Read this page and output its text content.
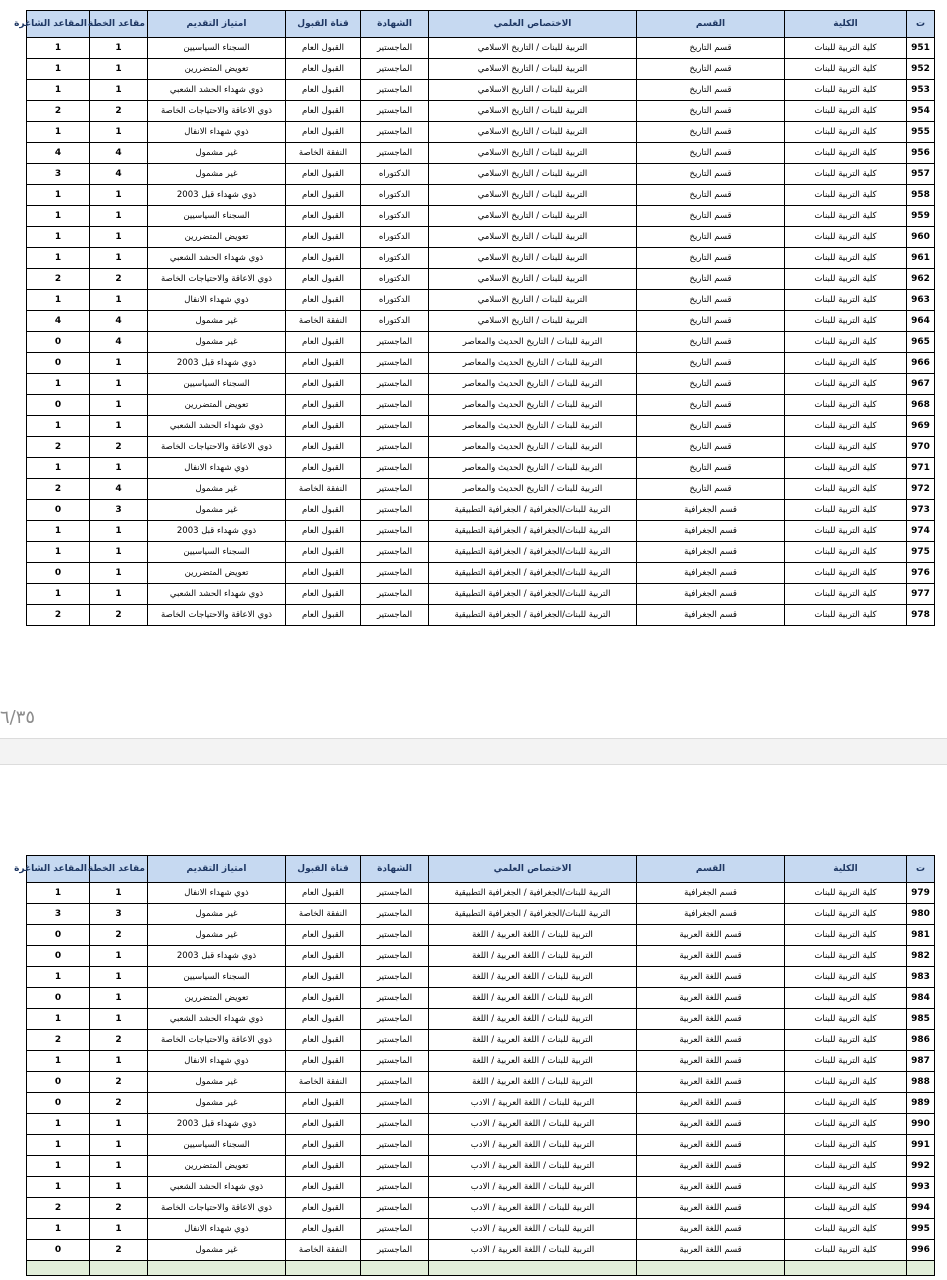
ت	الكلية	القسم	الاختصاص العلمي	الشهادة	قناة القبول	امتياز التقديم	مقاعد الخطة	المقاعد الشاغرة
951	كلية التربية للبنات	قسم التاريخ	التربية للبنات / التاريخ الاسلامي	الماجستير	القبول العام	السجناء السياسيين	1	1
952	كلية التربية للبنات	قسم التاريخ	التربية للبنات / التاريخ الاسلامي	الماجستير	القبول العام	تعويض المتضررين	1	1
953	كلية التربية للبنات	قسم التاريخ	التربية للبنات / التاريخ الاسلامي	الماجستير	القبول العام	ذوي شهداء الحشد الشعبي	1	1
954	كلية التربية للبنات	قسم التاريخ	التربية للبنات / التاريخ الاسلامي	الماجستير	القبول العام	ذوي الاعاقة والاحتياجات الخاصة	2	2
955	كلية التربية للبنات	قسم التاريخ	التربية للبنات / التاريخ الاسلامي	الماجستير	القبول العام	ذوي شهداء الانفال	1	1
956	كلية التربية للبنات	قسم التاريخ	التربية للبنات / التاريخ الاسلامي	الماجستير	النفقة الخاصة	غير مشمول	4	4
957	كلية التربية للبنات	قسم التاريخ	التربية للبنات / التاريخ الاسلامي	الدكتوراه	القبول العام	غير مشمول	4	3
958	كلية التربية للبنات	قسم التاريخ	التربية للبنات / التاريخ الاسلامي	الدكتوراه	القبول العام	ذوي شهداء قبل 2003	1	1
959	كلية التربية للبنات	قسم التاريخ	التربية للبنات / التاريخ الاسلامي	الدكتوراه	القبول العام	السجناء السياسيين	1	1
960	كلية التربية للبنات	قسم التاريخ	التربية للبنات / التاريخ الاسلامي	الدكتوراه	القبول العام	تعويض المتضررين	1	1
961	كلية التربية للبنات	قسم التاريخ	التربية للبنات / التاريخ الاسلامي	الدكتوراه	القبول العام	ذوي شهداء الحشد الشعبي	1	1
962	كلية التربية للبنات	قسم التاريخ	التربية للبنات / التاريخ الاسلامي	الدكتوراه	القبول العام	ذوي الاعاقة والاحتياجات الخاصة	2	2
963	كلية التربية للبنات	قسم التاريخ	التربية للبنات / التاريخ الاسلامي	الدكتوراه	القبول العام	ذوي شهداء الانفال	1	1
964	كلية التربية للبنات	قسم التاريخ	التربية للبنات / التاريخ الاسلامي	الدكتوراه	النفقة الخاصة	غير مشمول	4	4
965	كلية التربية للبنات	قسم التاريخ	التربية للبنات / التاريخ الحديث والمعاصر	الماجستير	القبول العام	غير مشمول	4	0
966	كلية التربية للبنات	قسم التاريخ	التربية للبنات / التاريخ الحديث والمعاصر	الماجستير	القبول العام	ذوي شهداء قبل 2003	1	0
967	كلية التربية للبنات	قسم التاريخ	التربية للبنات / التاريخ الحديث والمعاصر	الماجستير	القبول العام	السجناء السياسيين	1	1
968	كلية التربية للبنات	قسم التاريخ	التربية للبنات / التاريخ الحديث والمعاصر	الماجستير	القبول العام	تعويض المتضررين	1	0
969	كلية التربية للبنات	قسم التاريخ	التربية للبنات / التاريخ الحديث والمعاصر	الماجستير	القبول العام	ذوي شهداء الحشد الشعبي	1	1
970	كلية التربية للبنات	قسم التاريخ	التربية للبنات / التاريخ الحديث والمعاصر	الماجستير	القبول العام	ذوي الاعاقة والاحتياجات الخاصة	2	2
971	كلية التربية للبنات	قسم التاريخ	التربية للبنات / التاريخ الحديث والمعاصر	الماجستير	القبول العام	ذوي شهداء الانفال	1	1
972	كلية التربية للبنات	قسم التاريخ	التربية للبنات / التاريخ الحديث والمعاصر	الماجستير	النفقة الخاصة	غير مشمول	4	2
973	كلية التربية للبنات	قسم الجغرافية	التربية للبنات/الجغرافية / الجغرافية التطبيقية	الماجستير	القبول العام	غير مشمول	3	0
974	كلية التربية للبنات	قسم الجغرافية	التربية للبنات/الجغرافية / الجغرافية التطبيقية	الماجستير	القبول العام	ذوي شهداء قبل 2003	1	1
975	كلية التربية للبنات	قسم الجغرافية	التربية للبنات/الجغرافية / الجغرافية التطبيقية	الماجستير	القبول العام	السجناء السياسيين	1	1
976	كلية التربية للبنات	قسم الجغرافية	التربية للبنات/الجغرافية / الجغرافية التطبيقية	الماجستير	القبول العام	تعويض المتضررين	1	0
977	كلية التربية للبنات	قسم الجغرافية	التربية للبنات/الجغرافية / الجغرافية التطبيقية	الماجستير	القبول العام	ذوي شهداء الحشد الشعبي	1	1
978	كلية التربية للبنات	قسم الجغرافية	التربية للبنات/الجغرافية / الجغرافية التطبيقية	الماجستير	القبول العام	ذوي الاعاقة والاحتياجات الخاصة	2	2
٦/٣٥
ت	الكلية	القسم	الاختصاص العلمي	الشهادة	قناة القبول	امتياز التقديم	مقاعد الخطة	المقاعد الشاغرة
979	كلية التربية للبنات	قسم الجغرافية	التربية للبنات/الجغرافية / الجغرافية التطبيقية	الماجستير	القبول العام	ذوي شهداء الانفال	1	1
980	كلية التربية للبنات	قسم الجغرافية	التربية للبنات/الجغرافية / الجغرافية التطبيقية	الماجستير	النفقة الخاصة	غير مشمول	3	3
981	كلية التربية للبنات	قسم اللغة العربية	التربية للبنات / اللغة العربية / اللغة	الماجستير	القبول العام	غير مشمول	2	0
982	كلية التربية للبنات	قسم اللغة العربية	التربية للبنات / اللغة العربية / اللغة	الماجستير	القبول العام	ذوي شهداء قبل 2003	1	0
983	كلية التربية للبنات	قسم اللغة العربية	التربية للبنات / اللغة العربية / اللغة	الماجستير	القبول العام	السجناء السياسيين	1	1
984	كلية التربية للبنات	قسم اللغة العربية	التربية للبنات / اللغة العربية / اللغة	الماجستير	القبول العام	تعويض المتضررين	1	0
985	كلية التربية للبنات	قسم اللغة العربية	التربية للبنات / اللغة العربية / اللغة	الماجستير	القبول العام	ذوي شهداء الحشد الشعبي	1	1
986	كلية التربية للبنات	قسم اللغة العربية	التربية للبنات / اللغة العربية / اللغة	الماجستير	القبول العام	ذوي الاعاقة والاحتياجات الخاصة	2	2
987	كلية التربية للبنات	قسم اللغة العربية	التربية للبنات / اللغة العربية / اللغة	الماجستير	القبول العام	ذوي شهداء الانفال	1	1
988	كلية التربية للبنات	قسم اللغة العربية	التربية للبنات / اللغة العربية / اللغة	الماجستير	النفقة الخاصة	غير مشمول	2	0
989	كلية التربية للبنات	قسم اللغة العربية	التربية للبنات / اللغة العربية / الادب	الماجستير	القبول العام	غير مشمول	2	0
990	كلية التربية للبنات	قسم اللغة العربية	التربية للبنات / اللغة العربية / الادب	الماجستير	القبول العام	ذوي شهداء قبل 2003	1	1
991	كلية التربية للبنات	قسم اللغة العربية	التربية للبنات / اللغة العربية / الادب	الماجستير	القبول العام	السجناء السياسيين	1	1
992	كلية التربية للبنات	قسم اللغة العربية	التربية للبنات / اللغة العربية / الادب	الماجستير	القبول العام	تعويض المتضررين	1	1
993	كلية التربية للبنات	قسم اللغة العربية	التربية للبنات / اللغة العربية / الادب	الماجستير	القبول العام	ذوي شهداء الحشد الشعبي	1	1
994	كلية التربية للبنات	قسم اللغة العربية	التربية للبنات / اللغة العربية / الادب	الماجستير	القبول العام	ذوي الاعاقة والاحتياجات الخاصة	2	2
995	كلية التربية للبنات	قسم اللغة العربية	التربية للبنات / اللغة العربية / الادب	الماجستير	القبول العام	ذوي شهداء الانفال	1	1
996	كلية التربية للبنات	قسم اللغة العربية	التربية للبنات / اللغة العربية / الادب	الماجستير	النفقة الخاصة	غير مشمول	2	0
